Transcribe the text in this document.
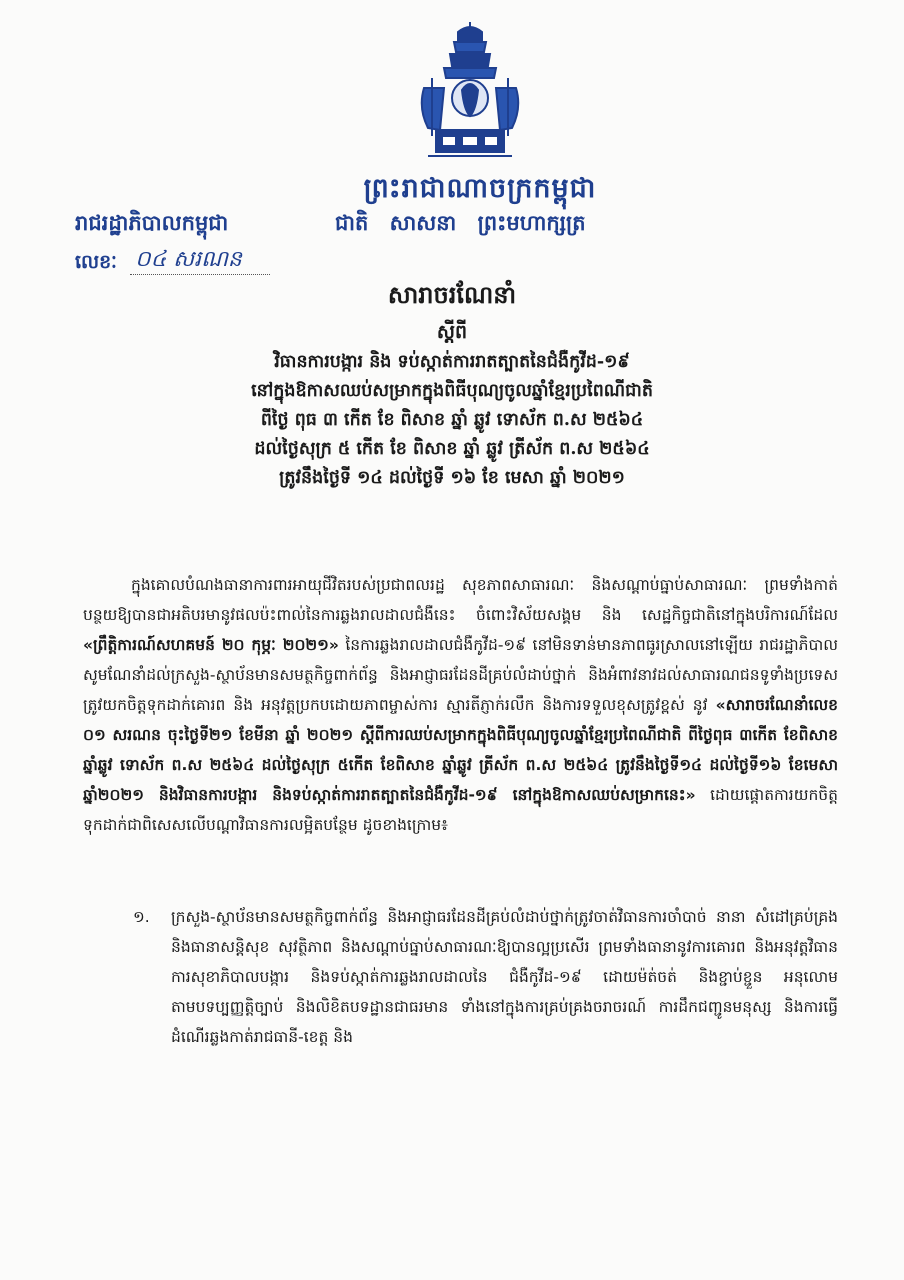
ព្រះរាជាណាចក្រកម្ពុជា
រាជរដ្ឋាភិបាលកម្ពុជា	ជាតិ សាសនា ព្រះមហាក្សត្រ
លេខៈ ០៤ សរណន
សារាចរណែនាំ
ស្តីពី
វិធានការបង្ការ និង ទប់ស្កាត់ការរាតត្បាតនៃជំងឺកូវីដ-១៩
នៅក្នុងឱកាសឈប់សម្រាកក្នុងពិធីបុណ្យចូលឆ្នាំខ្មែរប្រពៃណីជាតិ
ពីថ្ងៃ ពុធ ៣ កើត ខែ ពិសាខ ឆ្នាំ ឆ្លូវ ទោស័ក ព.ស ២៥៦៤
ដល់ថ្ងៃសុក្រ ៥ កើត ខែ ពិសាខ ឆ្នាំ ឆ្លូវ ត្រីស័ក ព.ស ២៥៦៤
ត្រូវនឹងថ្ងៃទី ១៤ ដល់ថ្ងៃទី ១៦ ខែ មេសា ឆ្នាំ ២០២១
ក្នុងគោលបំណងធានាការពារអាយុជីវិតរបស់ប្រជាពលរដ្ឋ សុខភាពសាធារណៈ និងសណ្តាប់ធ្នាប់សាធារណៈ ព្រមទាំងកាត់បន្ថយឱ្យបានជាអតិបរមានូវផលប៉ះពាល់នៃការឆ្លងរាលដាលជំងឺនេះ ចំពោះវិស័យសង្គម និង សេដ្ឋកិច្ចជាតិនៅក្នុងបរិការណ៍ដែល «ព្រឹត្តិការណ៍សហគមន៍ ២០ កុម្ភៈ ២០២១» នៃការឆ្លងរាលដាលជំងឺកូវីដ-១៩ នៅមិនទាន់មានភាពធូរស្រាលនៅឡើយ រាជរដ្ឋាភិបាលសូមណែនាំដល់ក្រសួង-ស្ថាប័នមានសមត្ថកិច្ចពាក់ព័ន្ធ និងអាជ្ញាធរដែនដីគ្រប់លំដាប់ថ្នាក់ និងអំពាវនាវដល់សាធារណជនទូទាំងប្រទេសត្រូវយកចិត្តទុកដាក់គោរព និង អនុវត្តប្រកបដោយភាពម្ចាស់ការ ស្មារតីភ្ញាក់រលឹក និងការទទួលខុសត្រូវខ្ពស់ នូវ «សារាចរណែនាំលេខ ០១ សរណន ចុះថ្ងៃទី២១ ខែមីនា ឆ្នាំ ២០២១ ស្តីពីការឈប់សម្រាកក្នុងពិធីបុណ្យចូលឆ្នាំខ្មែរប្រពៃណីជាតិ ពីថ្ងៃពុធ ៣កើត ខែពិសាខ ឆ្នាំឆ្លូវ ទោស័ក ព.ស ២៥៦៤ ដល់ថ្ងៃសុក្រ ៥កើត ខែពិសាខ ឆ្នាំឆ្លូវ ត្រីស័ក ព.ស ២៥៦៤ ត្រូវនឹងថ្ងៃទី១៤ ដល់ថ្ងៃទី១៦ ខែមេសា ឆ្នាំ២០២១ និងវិធានការបង្ការ និងទប់ស្កាត់ការរាតត្បាតនៃជំងឺកូវីដ-១៩ នៅក្នុងឱកាសឈប់សម្រាកនេះ» ដោយផ្តោតការយកចិត្តទុកដាក់ជាពិសេសលើបណ្តាវិធានការលម្អិតបន្ថែម ដូចខាងក្រោម៖
១. ក្រសួង-ស្ថាប័នមានសមត្ថកិច្ចពាក់ព័ន្ធ និងអាជ្ញាធរដែនដីគ្រប់លំដាប់ថ្នាក់ត្រូវចាត់វិធានការចាំបាច់ នានា សំដៅគ្រប់គ្រង និងធានាសន្តិសុខ សុវត្ថិភាព និងសណ្តាប់ធ្នាប់សាធារណៈឱ្យបានល្អប្រសើរ ព្រមទាំងធានានូវការគោរព និងអនុវត្តវិធានការសុខាភិបាលបង្ការ និងទប់ស្កាត់ការឆ្លងរាលដាលនៃ ជំងឺកូវីដ-១៩ ដោយម៉ត់ចត់ និងខ្ជាប់ខ្ជួន អនុលោមតាមបទប្បញ្ញត្តិច្បាប់ និងលិខិតបទដ្ឋានជាធរមាន ទាំងនៅក្នុងការគ្រប់គ្រងចរាចរណ៍ ការដឹកជញ្ជូនមនុស្ស និងការធ្វើដំណើរឆ្លងកាត់រាជធានី-ខេត្ត និង
